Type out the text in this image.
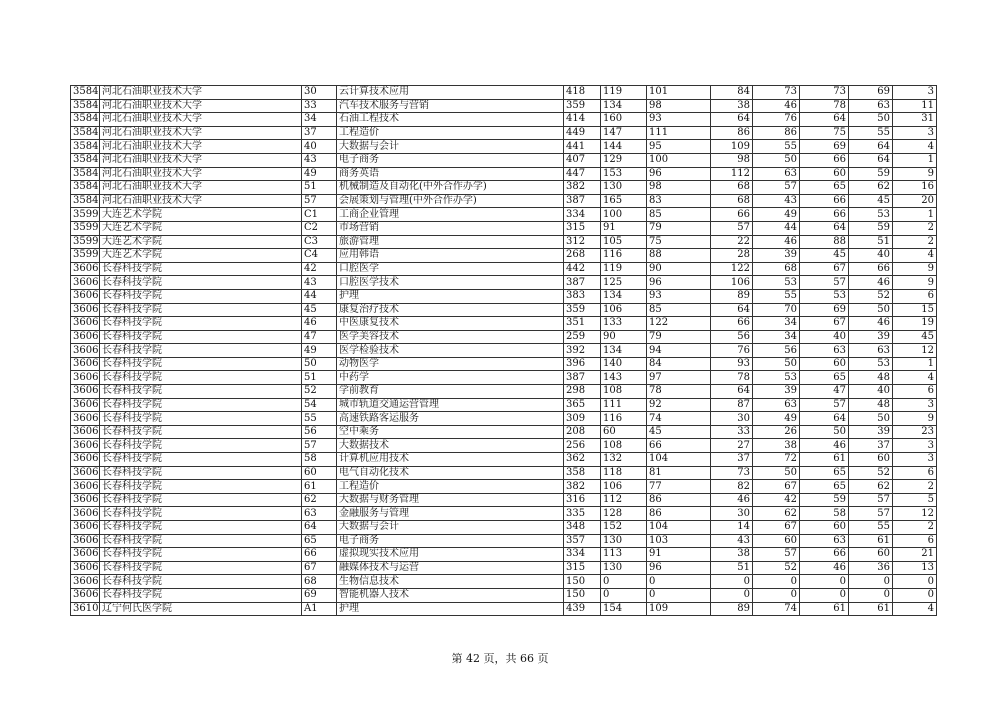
3584	河北石油职业技术大学	30	云计算技术应用	418	119	101	84	73	73	69	3
3584	河北石油职业技术大学	33	汽车技术服务与营销	359	134	98	38	46	78	63	11
3584	河北石油职业技术大学	34	石油工程技术	414	160	93	64	76	64	50	31
3584	河北石油职业技术大学	37	工程造价	449	147	111	86	86	75	55	3
3584	河北石油职业技术大学	40	大数据与会计	441	144	95	109	55	69	64	4
3584	河北石油职业技术大学	43	电子商务	407	129	100	98	50	66	64	1
3584	河北石油职业技术大学	49	商务英语	447	153	96	112	63	60	59	9
3584	河北石油职业技术大学	51	机械制造及自动化(中外合作办学)	382	130	98	68	57	65	62	16
3584	河北石油职业技术大学	57	会展策划与管理(中外合作办学)	387	165	83	68	43	66	45	20
3599	大连艺术学院	C1	工商企业管理	334	100	85	66	49	66	53	1
3599	大连艺术学院	C2	市场营销	315	91	79	57	44	64	59	2
3599	大连艺术学院	C3	旅游管理	312	105	75	22	46	88	51	2
3599	大连艺术学院	C4	应用韩语	268	116	88	28	39	45	40	4
3606	长春科技学院	42	口腔医学	442	119	90	122	68	67	66	9
3606	长春科技学院	43	口腔医学技术	387	125	96	106	53	57	46	9
3606	长春科技学院	44	护理	383	134	93	89	55	53	52	6
3606	长春科技学院	45	康复治疗技术	359	106	85	64	70	69	50	15
3606	长春科技学院	46	中医康复技术	351	133	122	66	34	67	46	19
3606	长春科技学院	47	医学美容技术	259	90	79	56	34	40	39	45
3606	长春科技学院	49	医学检验技术	392	134	94	76	56	63	63	12
3606	长春科技学院	50	动物医学	396	140	84	93	50	60	53	1
3606	长春科技学院	51	中药学	387	143	97	78	53	65	48	4
3606	长春科技学院	52	学前教育	298	108	78	64	39	47	40	6
3606	长春科技学院	54	城市轨道交通运营管理	365	111	92	87	63	57	48	3
3606	长春科技学院	55	高速铁路客运服务	309	116	74	30	49	64	50	9
3606	长春科技学院	56	空中乘务	208	60	45	33	26	50	39	23
3606	长春科技学院	57	大数据技术	256	108	66	27	38	46	37	3
3606	长春科技学院	58	计算机应用技术	362	132	104	37	72	61	60	3
3606	长春科技学院	60	电气自动化技术	358	118	81	73	50	65	52	6
3606	长春科技学院	61	工程造价	382	106	77	82	67	65	62	2
3606	长春科技学院	62	大数据与财务管理	316	112	86	46	42	59	57	5
3606	长春科技学院	63	金融服务与管理	335	128	86	30	62	58	57	12
3606	长春科技学院	64	大数据与会计	348	152	104	14	67	60	55	2
3606	长春科技学院	65	电子商务	357	130	103	43	60	63	61	6
3606	长春科技学院	66	虚拟现实技术应用	334	113	91	38	57	66	60	21
3606	长春科技学院	67	融媒体技术与运营	315	130	96	51	52	46	36	13
3606	长春科技学院	68	生物信息技术	150	0	0	0	0	0	0	0
3606	长春科技学院	69	智能机器人技术	150	0	0	0	0	0	0	0
3610	辽宁何氏医学院	A1	护理	439	154	109	89	74	61	61	4
第 42 页，共 66 页
